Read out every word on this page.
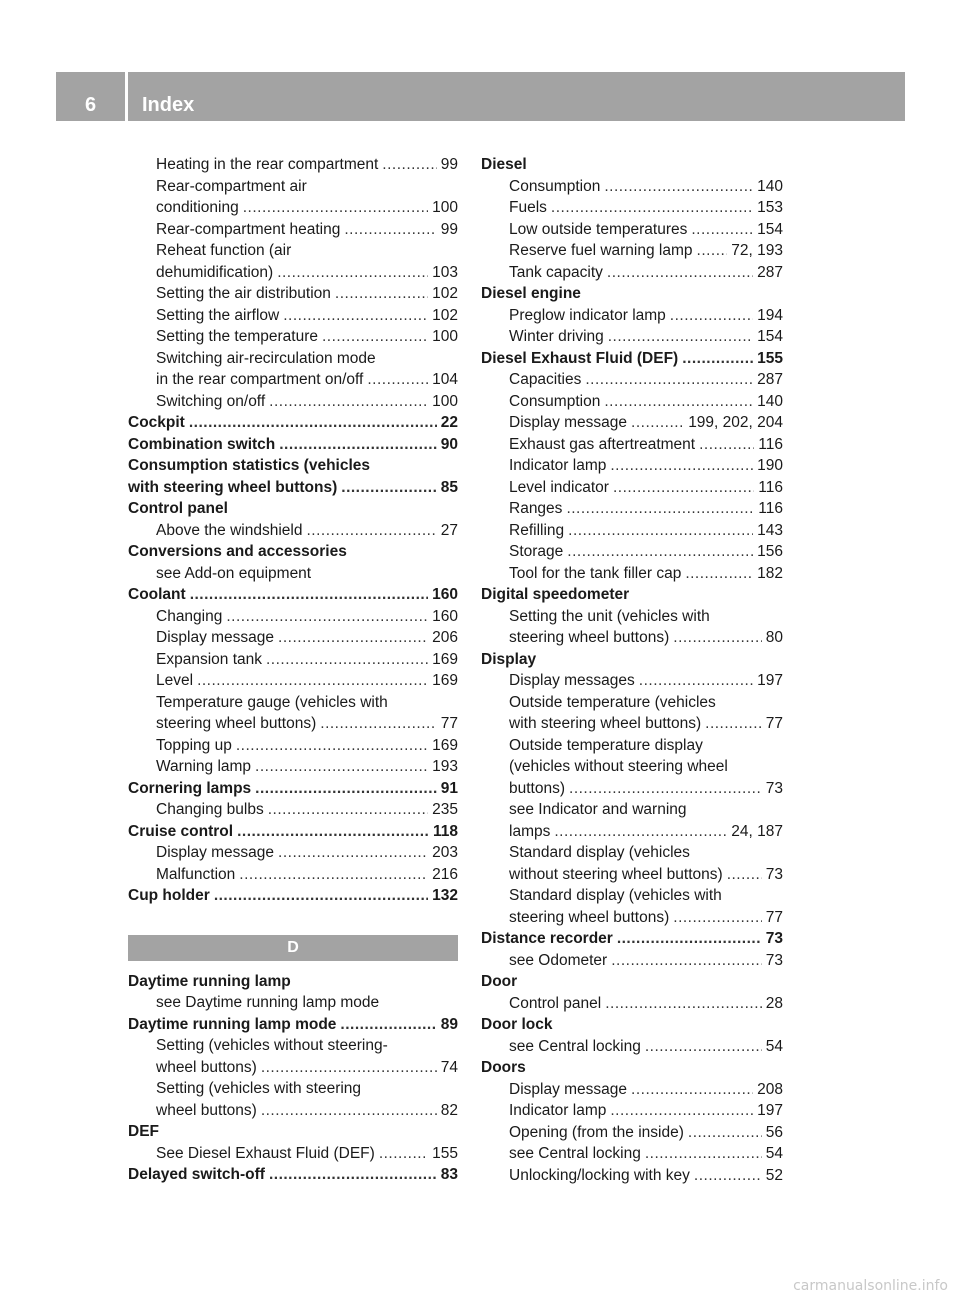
6	Index
Heating in the rear compartment .....	99
Rear-compartment air
conditioning .....	100
Rear-compartment heating .....	99
Reheat function (air
dehumidification) .....	103
Setting the air distribution .....	102
Setting the airflow .....	102
Setting the temperature .....	100
Switching air-recirculation mode
in the rear compartment on/off .....	104
Switching on/off .....	100
Cockpit .....	22
Combination switch .....	90
Consumption statistics (vehicles
with steering wheel buttons) .....	85
Control panel
Above the windshield .....	27
Conversions and accessories
see Add-on equipment
Coolant .....	160
Changing .....	160
Display message .....	206
Expansion tank .....	169
Level .....	169
Temperature gauge (vehicles with
steering wheel buttons) .....	77
Topping up .....	169
Warning lamp .....	193
Cornering lamps .....	91
Changing bulbs .....	235
Cruise control .....	118
Display message .....	203
Malfunction .....	216
Cup holder .....	132
D
Daytime running lamp
see Daytime running lamp mode
Daytime running lamp mode .....	89
Setting (vehicles without steering-
wheel buttons) .....	74
Setting (vehicles with steering
wheel buttons) .....	82
DEF
See Diesel Exhaust Fluid (DEF) .....	155
Delayed switch-off .....	83
Diesel
Consumption .....	140
Fuels .....	153
Low outside temperatures .....	154
Reserve fuel warning lamp .....	72, 193
Tank capacity .....	287
Diesel engine
Preglow indicator lamp .....	194
Winter driving .....	154
Diesel Exhaust Fluid (DEF) .....	155
Capacities .....	287
Consumption .....	140
Display message .....	199, 202, 204
Exhaust gas aftertreatment .....	116
Indicator lamp .....	190
Level indicator .....	116
Ranges .....	116
Refilling .....	143
Storage .....	156
Tool for the tank filler cap .....	182
Digital speedometer
Setting the unit (vehicles with
steering wheel buttons) .....	80
Display
Display messages .....	197
Outside temperature (vehicles
with steering wheel buttons) .....	77
Outside temperature display
(vehicles without steering wheel
buttons) .....	73
see Indicator and warning
lamps .....	24, 187
Standard display (vehicles
without steering wheel buttons) .....	73
Standard display (vehicles with
steering wheel buttons) .....	77
Distance recorder .....	73
see Odometer .....	73
Door
Control panel .....	28
Door lock
see Central locking .....	54
Doors
Display message .....	208
Indicator lamp .....	197
Opening (from the inside) .....	56
see Central locking .....	54
Unlocking/locking with key .....	52
carmanualsonline.info
